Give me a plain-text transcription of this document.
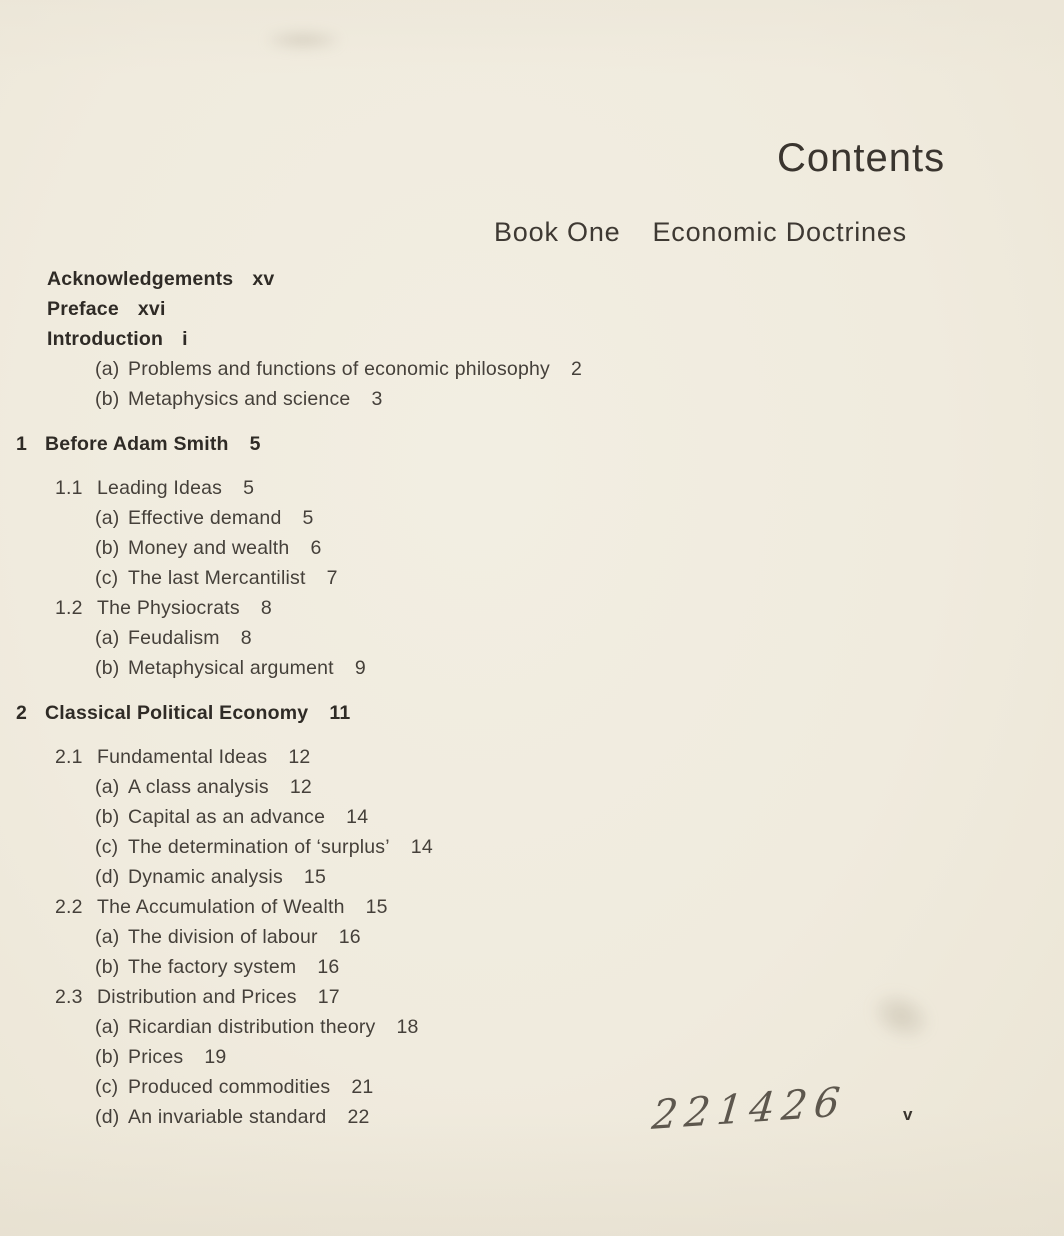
Contents
Book One Economic Doctrines
Acknowledgements xv
Preface xvi
Introduction i
(a) Problems and functions of economic philosophy 2
(b) Metaphysics and science 3
1 Before Adam Smith 5
1.1 Leading Ideas 5
(a) Effective demand 5
(b) Money and wealth 6
(c) The last Mercantilist 7
1.2 The Physiocrats 8
(a) Feudalism 8
(b) Metaphysical argument 9
2 Classical Political Economy 11
2.1 Fundamental Ideas 12
(a) A class analysis 12
(b) Capital as an advance 14
(c) The determination of ‘surplus’ 14
(d) Dynamic analysis 15
2.2 The Accumulation of Wealth 15
(a) The division of labour 16
(b) The factory system 16
2.3 Distribution and Prices 17
(a) Ricardian distribution theory 18
(b) Prices 19
(c) Produced commodities 21
(d) An invariable standard 22	221426	v
